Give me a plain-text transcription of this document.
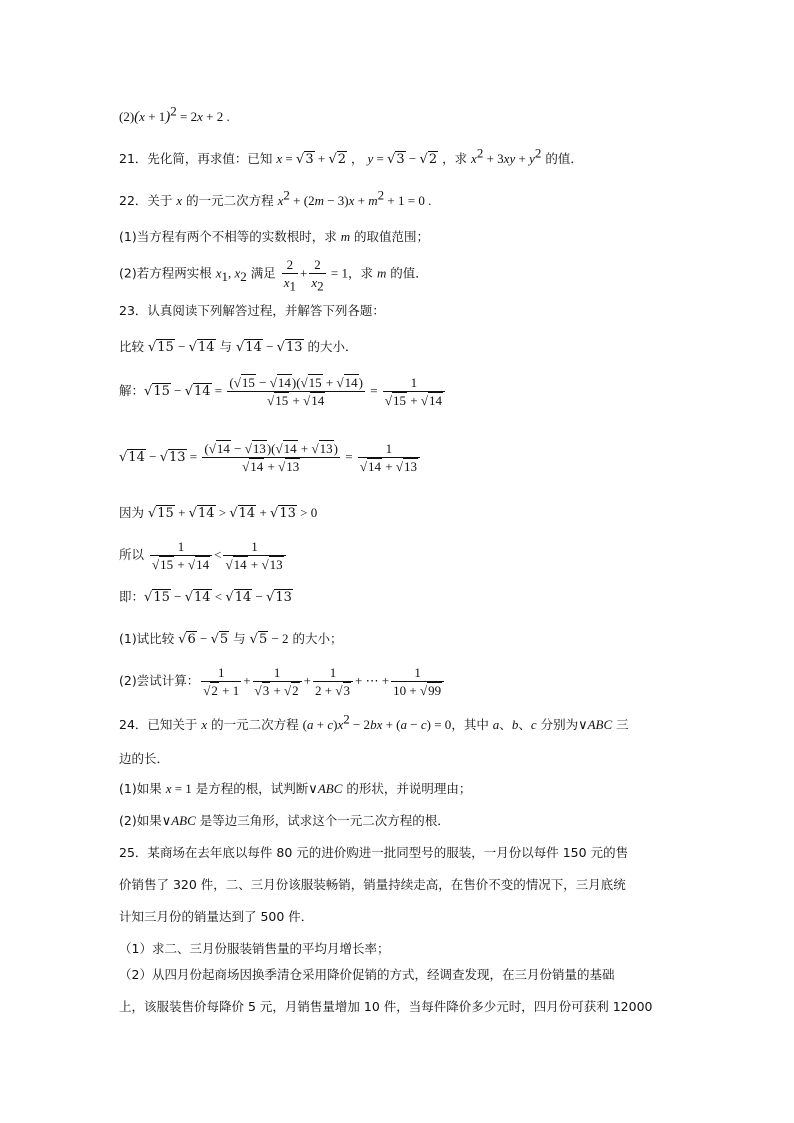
$(2)(x + 1)^2 = 2x + 2$ .
21．先化简，再求值：已知 x = √3 + √2 ， y = √3 − √2 ，求 $x^2 + 3xy + y^2$ 的值．
22．关于 x 的一元二次方程 $x^2 + (2m - 3)x + m^2 + 1 = 0$ .
(1)当方程有两个不相等的实数根时，求 m 的取值范围；
(2)若方程两实根 $x_1$, $x_2$ 满足 $\frac{2}{x_1} + \frac{2}{x_2} = 1$，求 m 的值．
23．认真阅读下列解答过程，并解答下列各题：
比较 √15 − √14 与 √14 − √13 的大小．
解：$√15 - √14 = \frac{(√15 - √14)(√15 + √14)}{√15 + √14} = \frac{1}{√15 + √14}$
$√14 - √13 = \frac{(√14 - √13)(√14 + √13)}{√14 + √13} = \frac{1}{√14 + √13}$
因为 √15 + √14 > √14 + √13 > 0
所以 $\frac{1}{√15 + √14} < \frac{1}{√14 + √13}$
即：√15 − √14 < √14 − √13
(1)试比较 √6 − √5 与 √5 − 2 的大小；
(2)尝试计算： $\frac{1}{√2 + 1} + \frac{1}{√3 + √2} + \frac{1}{2 + √3}$ + ⋯ + $\frac{1}{10 + √99}$
24．已知关于 x 的一元二次方程 $(a + c)x^2 - 2bx + (a - c) = 0$，其中 a、b、c 分别为∨ABC 三
边的长．
(1)如果 x = 1 是方程的根，试判断∨ABC 的形状，并说明理由；
(2)如果∨ABC 是等边三角形，试求这个一元二次方程的根．
25．某商场在去年底以每件 80 元的进价购进一批同型号的服装，一月份以每件 150 元的售
价销售了 320 件，二、三月份该服装畅销，销量持续走高，在售价不变的情况下，三月底统
计知三月份的销量达到了 500 件．
（1）求二、三月份服装销售量的平均月增长率；
（2）从四月份起商场因换季清仓采用降价促销的方式，经调查发现，在三月份销量的基础
上，该服装售价每降价 5 元，月销售量增加 10 件，当每件降价多少元时，四月份可获利 12000
